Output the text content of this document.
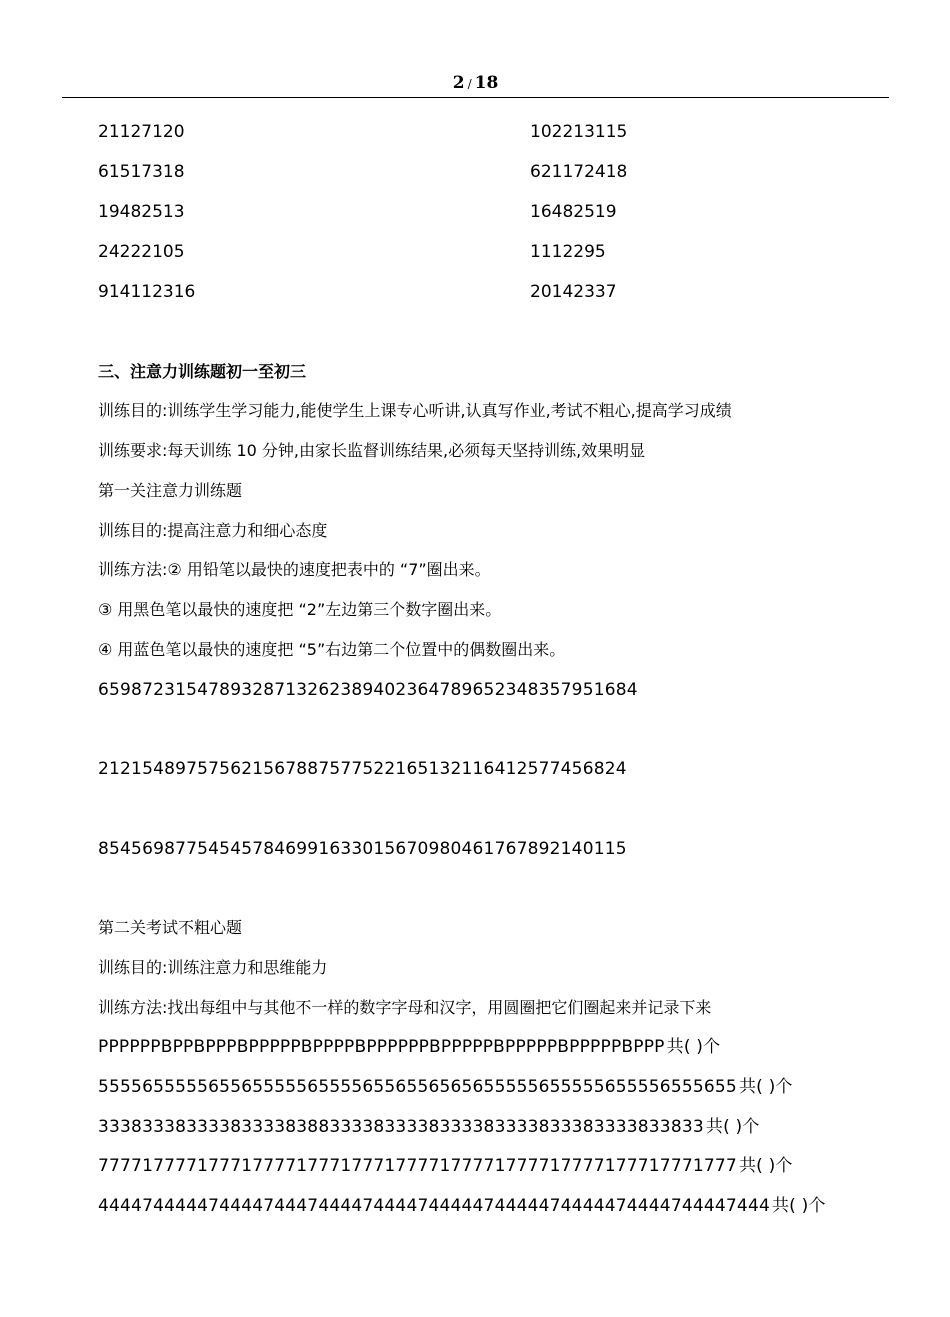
2 / 18
21127120	102213115
61517318	621172418
19482513	16482519
24222105	1112295
914112316	20142337
三、注意力训练题初一至初三
训练目的:训练学生学习能力,能使学生上课专心听讲,认真写作业,考试不粗心,提高学习成绩
训练要求:每天训练 10 分钟,由家长监督训练结果,必须每天坚持训练,效果明显
第一关注意力训练题
训练目的:提高注意力和细心态度
训练方法:② 用铅笔以最快的速度把表中的 “7”圈出来。
③ 用黑色笔以最快的速度把 “2”左边第三个数字圈出来。
④ 用蓝色笔以最快的速度把 “5”右边第二个位置中的偶数圈出来。
65987231547893287132623894023647896523483579516​84
212154897575621567887577522165132116412577456824
854569877545457846991633015670980461767892140115
第二关考试不粗心题
训练目的:训练注意力和思维能力
训练方法:找出每组中与其他不一样的数字字母和汉字，用圆圈把它们圈起来并记录下来
PPPPPPBPPBPPPBPPPPPBPPPPBPPPPPPBPPPPPBPPPPPBPPPPPBPPP 共( )个
5555655555655655555655556556556565655555655555655556555655 共( )个
3338333833338333383883333833338333383333833383333833833 共( )个
7777177771777177771777177717777177771777717777177717771777 共( )个
4444744444744447444744447444474444474444474444474444744447444 共( )个
